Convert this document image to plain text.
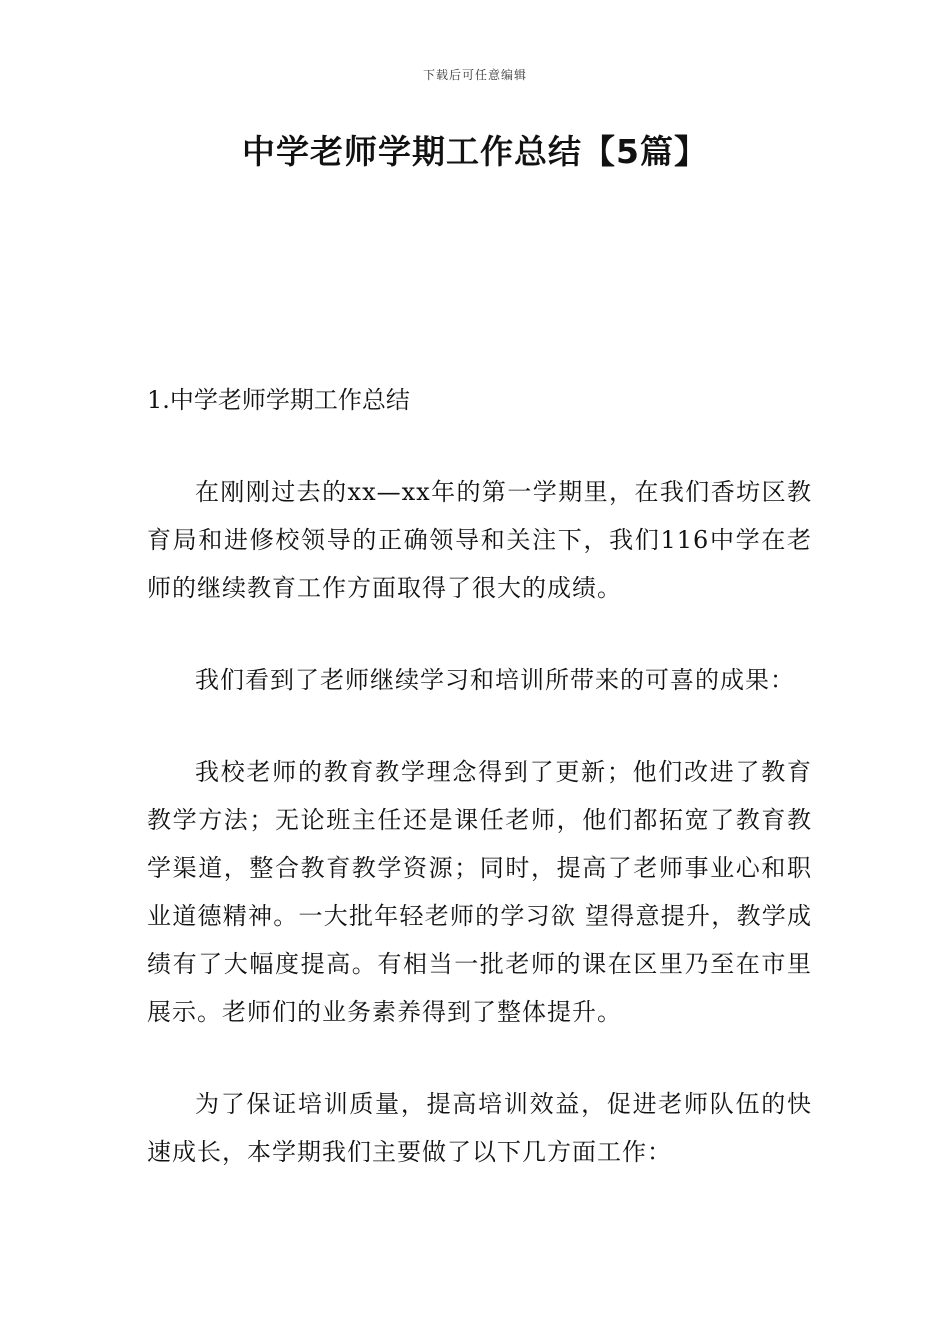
下载后可任意编辑
中学老师学期工作总结【5篇】

1.中学老师学期工作总结

在刚刚过去的xx—xx年的第一学期里，在我们香坊区教育局和进修校领导的正确领导和关注下，我们116中学在老师的继续教育工作方面取得了很大的成绩。

我们看到了老师继续学习和培训所带来的可喜的成果：

我校老师的教育教学理念得到了更新；他们改进了教育教学方法；无论班主任还是课任老师，他们都拓宽了教育教学渠道，整合教育教学资源；同时，提高了老师事业心和职业道德精神。一大批年轻老师的学习欲 望得意提升，教学成绩有了大幅度提高。有相当一批老师的课在区里乃至在市里展示。老师们的业务素养得到了整体提升。

为了保证培训质量，提高培训效益，促进老师队伍的快速成长，本学期我们主要做了以下几方面工作：
